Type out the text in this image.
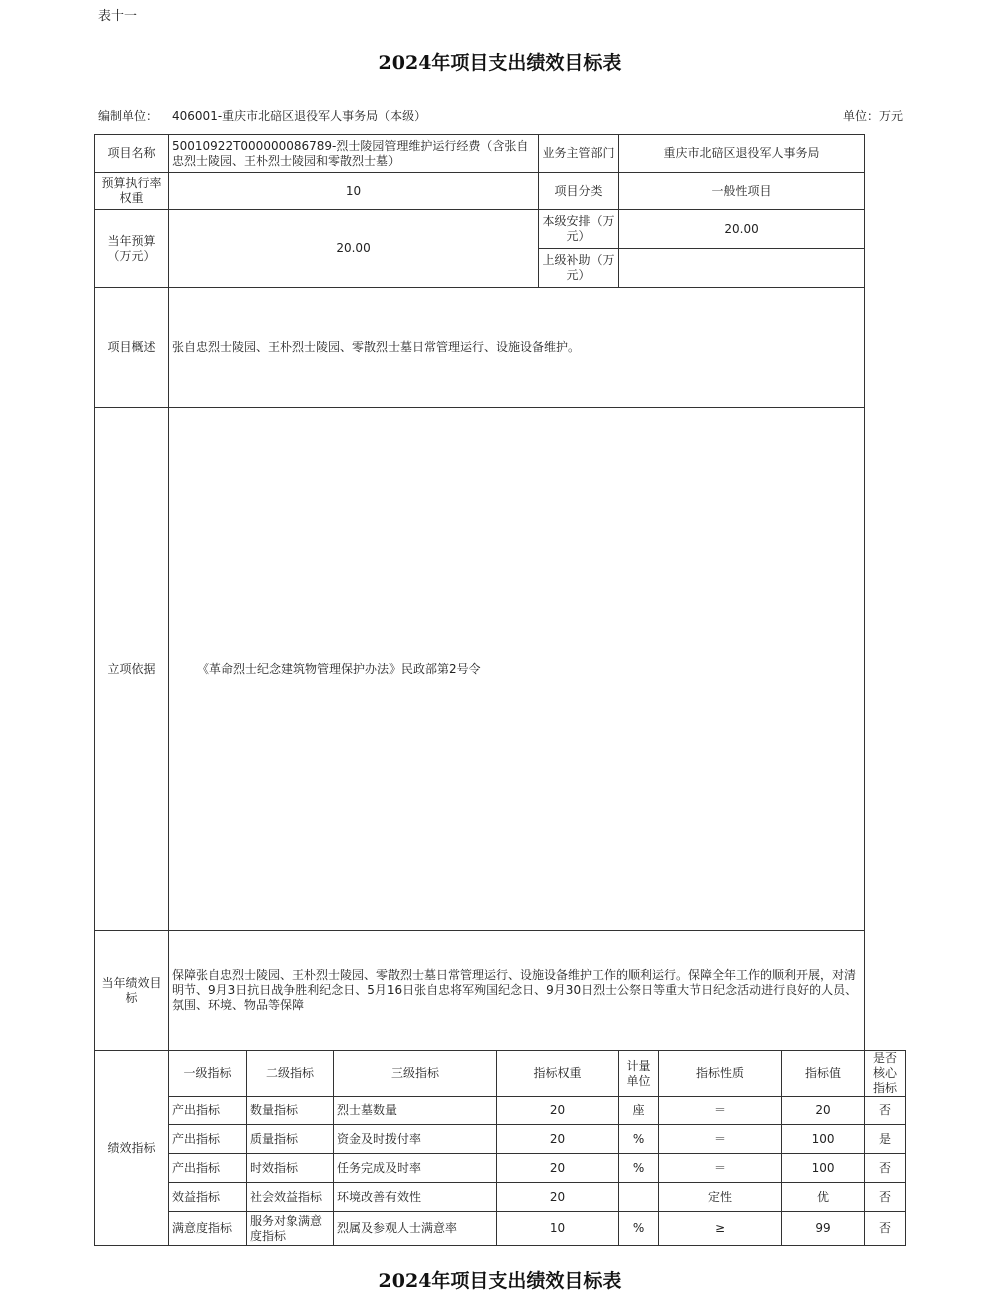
表十一
2024年项目支出绩效目标表
编制单位： 406001-重庆市北碚区退役军人事务局（本级）	单位：万元
项目名称	50010922T000000086789-烈士陵园管理维护运行经费（含张自忠烈士陵园、王朴烈士陵园和零散烈士墓）				业务主管部门	重庆市北碚区退役军人事务局			
预算执行率权重	10				项目分类	一般性项目			
当年预算（万元）	20.00				本级安排（万元）	20.00			
					上级补助（万元）				
项目概述	张自忠烈士陵园、王朴烈士陵园、零散烈士墓日常管理运行、设施设备维护。								
立项依据	《革命烈士纪念建筑物管理保护办法》民政部第2号令								
当年绩效目标	保障张自忠烈士陵园、王朴烈士陵园、零散烈士墓日常管理运行、设施设备维护工作的顺利运行。保障全年工作的顺利开展，对清明节、9月3日抗日战争胜利纪念日、5月16日张自忠将军殉国纪念日、9月30日烈士公祭日等重大节日纪念活动进行良好的人员、氛围、环境、物品等保障								
绩效指标	一级指标	二级指标	三级指标	指标权重		计量单位	指标性质	指标值	是否核心指标
	产出指标	数量指标	烈士墓数量	20		座	＝	20	否
	产出指标	质量指标	资金及时拨付率	20		%	＝	100	是
	产出指标	时效指标	任务完成及时率	20		%	＝	100	否
	效益指标	社会效益指标	环境改善有效性	20			定性	优	否
	满意度指标	服务对象满意度指标	烈属及参观人士满意率	10		%	≥	99	否
2024年项目支出绩效目标表
